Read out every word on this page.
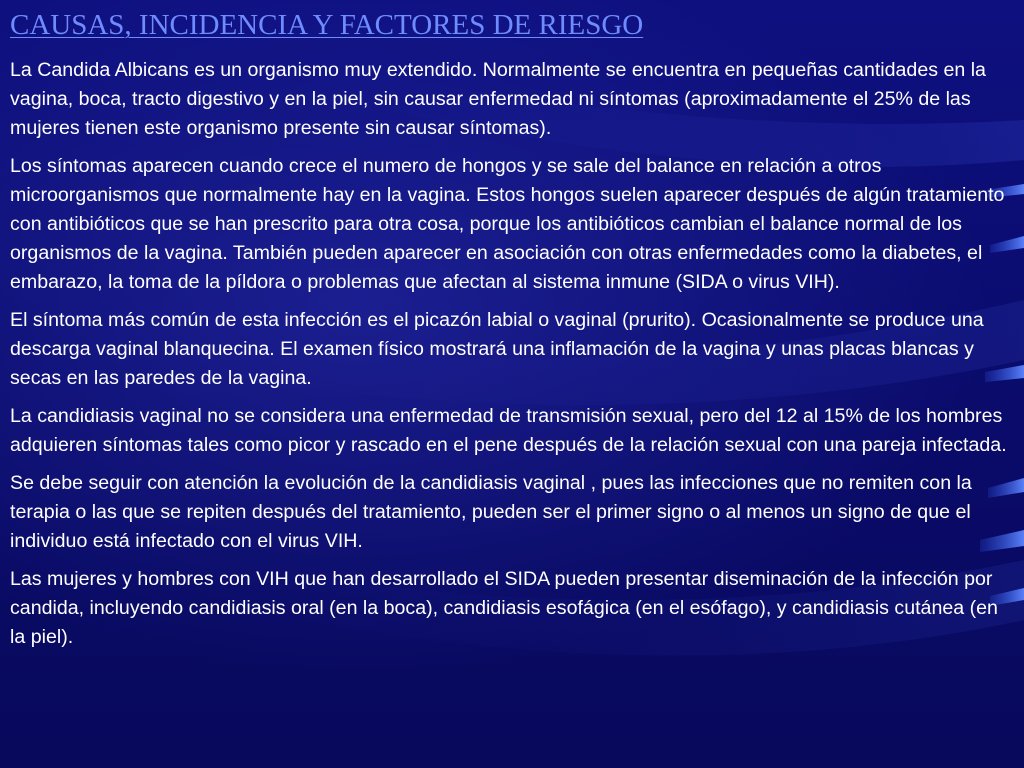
CAUSAS, INCIDENCIA Y FACTORES DE RIESGO

La Candida Albicans es un organismo muy extendido. Normalmente se encuentra en pequeñas cantidades en la vagina, boca, tracto digestivo y en la piel, sin causar enfermedad ni síntomas (aproximadamente el 25% de las mujeres tienen este organismo presente sin causar síntomas).

Los síntomas aparecen cuando crece el numero de hongos y se sale del balance en relación a otros microorganismos que normalmente hay en la vagina. Estos hongos suelen aparecer después de algún tratamiento con antibióticos que se han prescrito para otra cosa, porque los antibióticos cambian el balance normal de los organismos de la vagina. También pueden aparecer en asociación con otras enfermedades como la diabetes, el embarazo, la toma de la píldora o problemas que afectan al sistema inmune (SIDA o virus VIH).

El síntoma más común de esta infección es el picazón labial o vaginal (prurito). Ocasionalmente se produce una descarga vaginal blanquecina. El examen físico mostrará una inflamación de la vagina y unas placas blancas y secas en las paredes de la vagina.

La candidiasis vaginal no se considera una enfermedad de transmisión sexual, pero del 12 al 15% de los hombres adquieren síntomas tales como picor y rascado en el pene después de la relación sexual con una pareja infectada.

Se debe seguir con atención la evolución de la candidiasis vaginal , pues las infecciones que no remiten con la terapia o las que se repiten después del tratamiento, pueden ser el primer signo o al menos un signo de que el individuo está infectado con el virus VIH.

Las mujeres y hombres con VIH que han desarrollado el SIDA pueden presentar diseminación de la infección por candida, incluyendo candidiasis oral (en la boca), candidiasis esofágica (en el esófago), y candidiasis cutánea (en la piel).
